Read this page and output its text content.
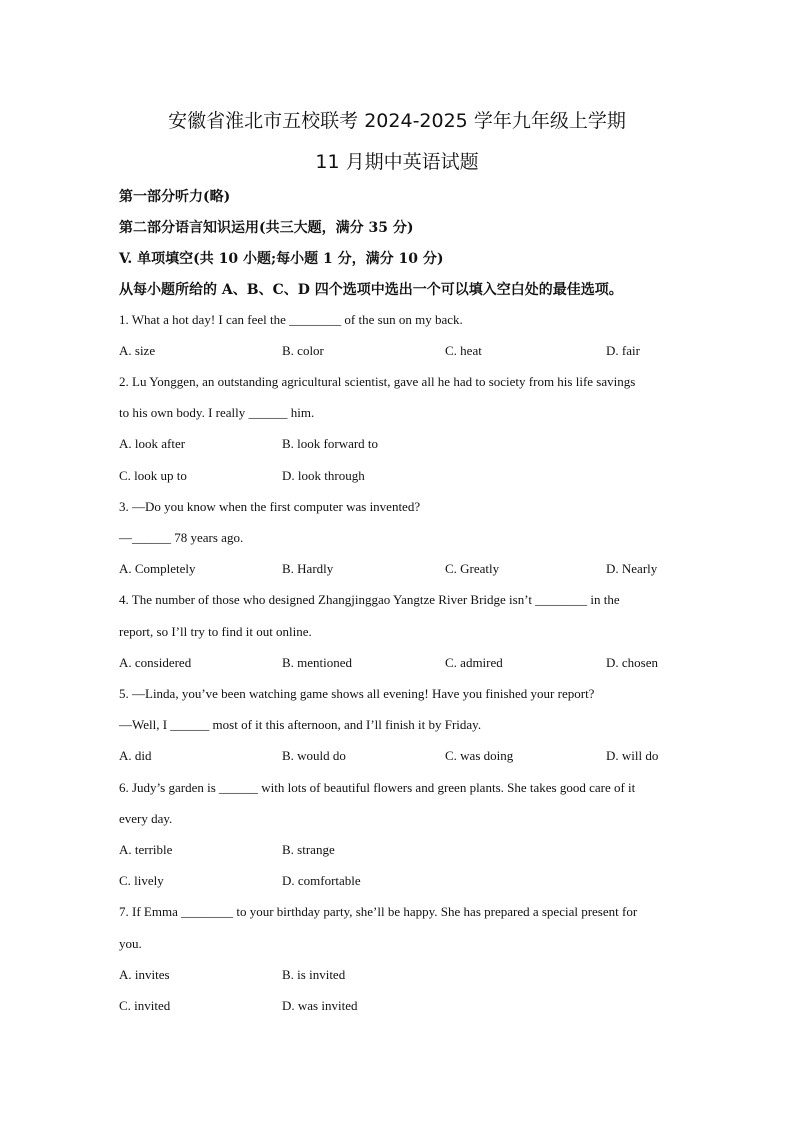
安徽省淮北市五校联考 2024-2025 学年九年级上学期
11 月期中英语试题
第一部分听力(略)
第二部分语言知识运用(共三大题，满分 35 分)
V. 单项填空(共 10 小题;每小题 1 分，满分 10 分)
从每小题所给的 A、B、C、D 四个选项中选出一个可以填入空白处的最佳选项。
1. What a hot day! I can feel the ________ of the sun on my back.
A. size	B. color	C. heat	D. fair
2. Lu Yonggen, an outstanding agricultural scientist, gave all he had to society from his life savings
to his own body. I really ______ him.
A. look after	B. look forward to
C. look up to	D. look through
3. —Do you know when the first computer was invented?
—______ 78 years ago.
A. Completely	B. Hardly	C. Greatly	D. Nearly
4. The number of those who designed Zhangjinggao Yangtze River Bridge isn’t ________ in the
report, so I’ll try to find it out online.
A. considered	B. mentioned	C. admired	D. chosen
5. —Linda, you’ve been watching game shows all evening! Have you finished your report?
—Well, I ______ most of it this afternoon, and I’ll finish it by Friday.
A. did	B. would do	C. was doing	D. will do
6. Judy’s garden is ______ with lots of beautiful flowers and green plants. She takes good care of it
every day.
A. terrible	B. strange
C. lively	D. comfortable
7. If Emma ________ to your birthday party, she’ll be happy. She has prepared a special present for
you.
A. invites	B. is invited
C. invited	D. was invited
